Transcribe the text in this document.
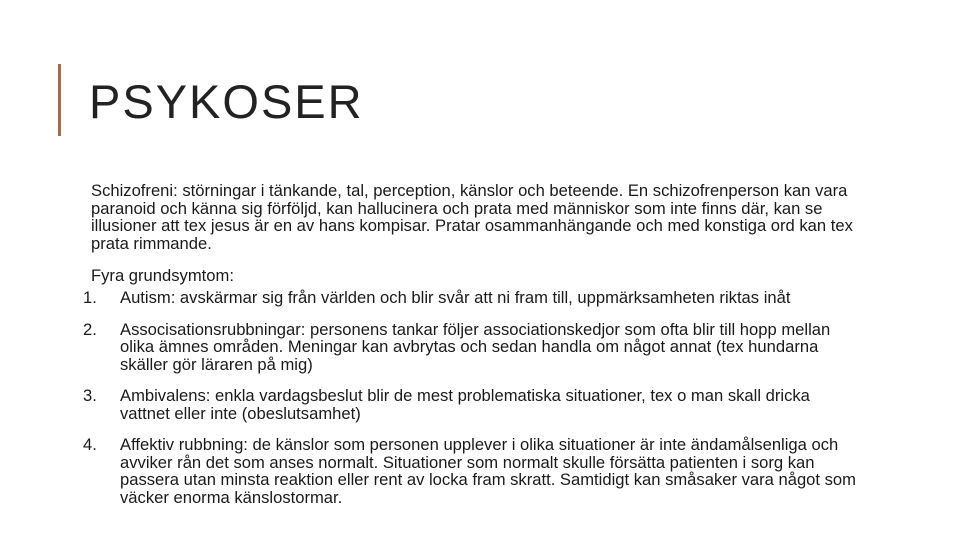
PSYKOSER

Schizofreni: störningar i tänkande, tal, perception, känslor och beteende. En schizofrenperson kan vara paranoid och känna sig förföljd, kan hallucinera och prata med människor som inte finns där, kan se illusioner att tex jesus är en av hans kompisar. Pratar osammanhängande och med konstiga ord kan tex prata rimmande.

Fyra grundsymtom:

1. Autism: avskärmar sig från världen och blir svår att ni fram till, uppmärksamheten riktas inåt
2. Associsationsrubbningar: personens tankar följer associationskedjor som ofta blir till hopp mellan olika ämnes områden. Meningar kan avbrytas och sedan handla om något annat (tex hundarna skäller gör läraren på mig)
3. Ambivalens: enkla vardagsbeslut blir de mest problematiska situationer, tex o man skall dricka vattnet eller inte (obeslutsamhet)
4. Affektiv rubbning: de känslor som personen upplever i olika situationer är inte ändamålsenliga och avviker rån det som anses normalt. Situationer som normalt skulle försätta patienten i sorg kan passera utan minsta reaktion eller rent av locka fram skratt. Samtidigt kan småsaker vara något som väcker enorma känslostormar.
